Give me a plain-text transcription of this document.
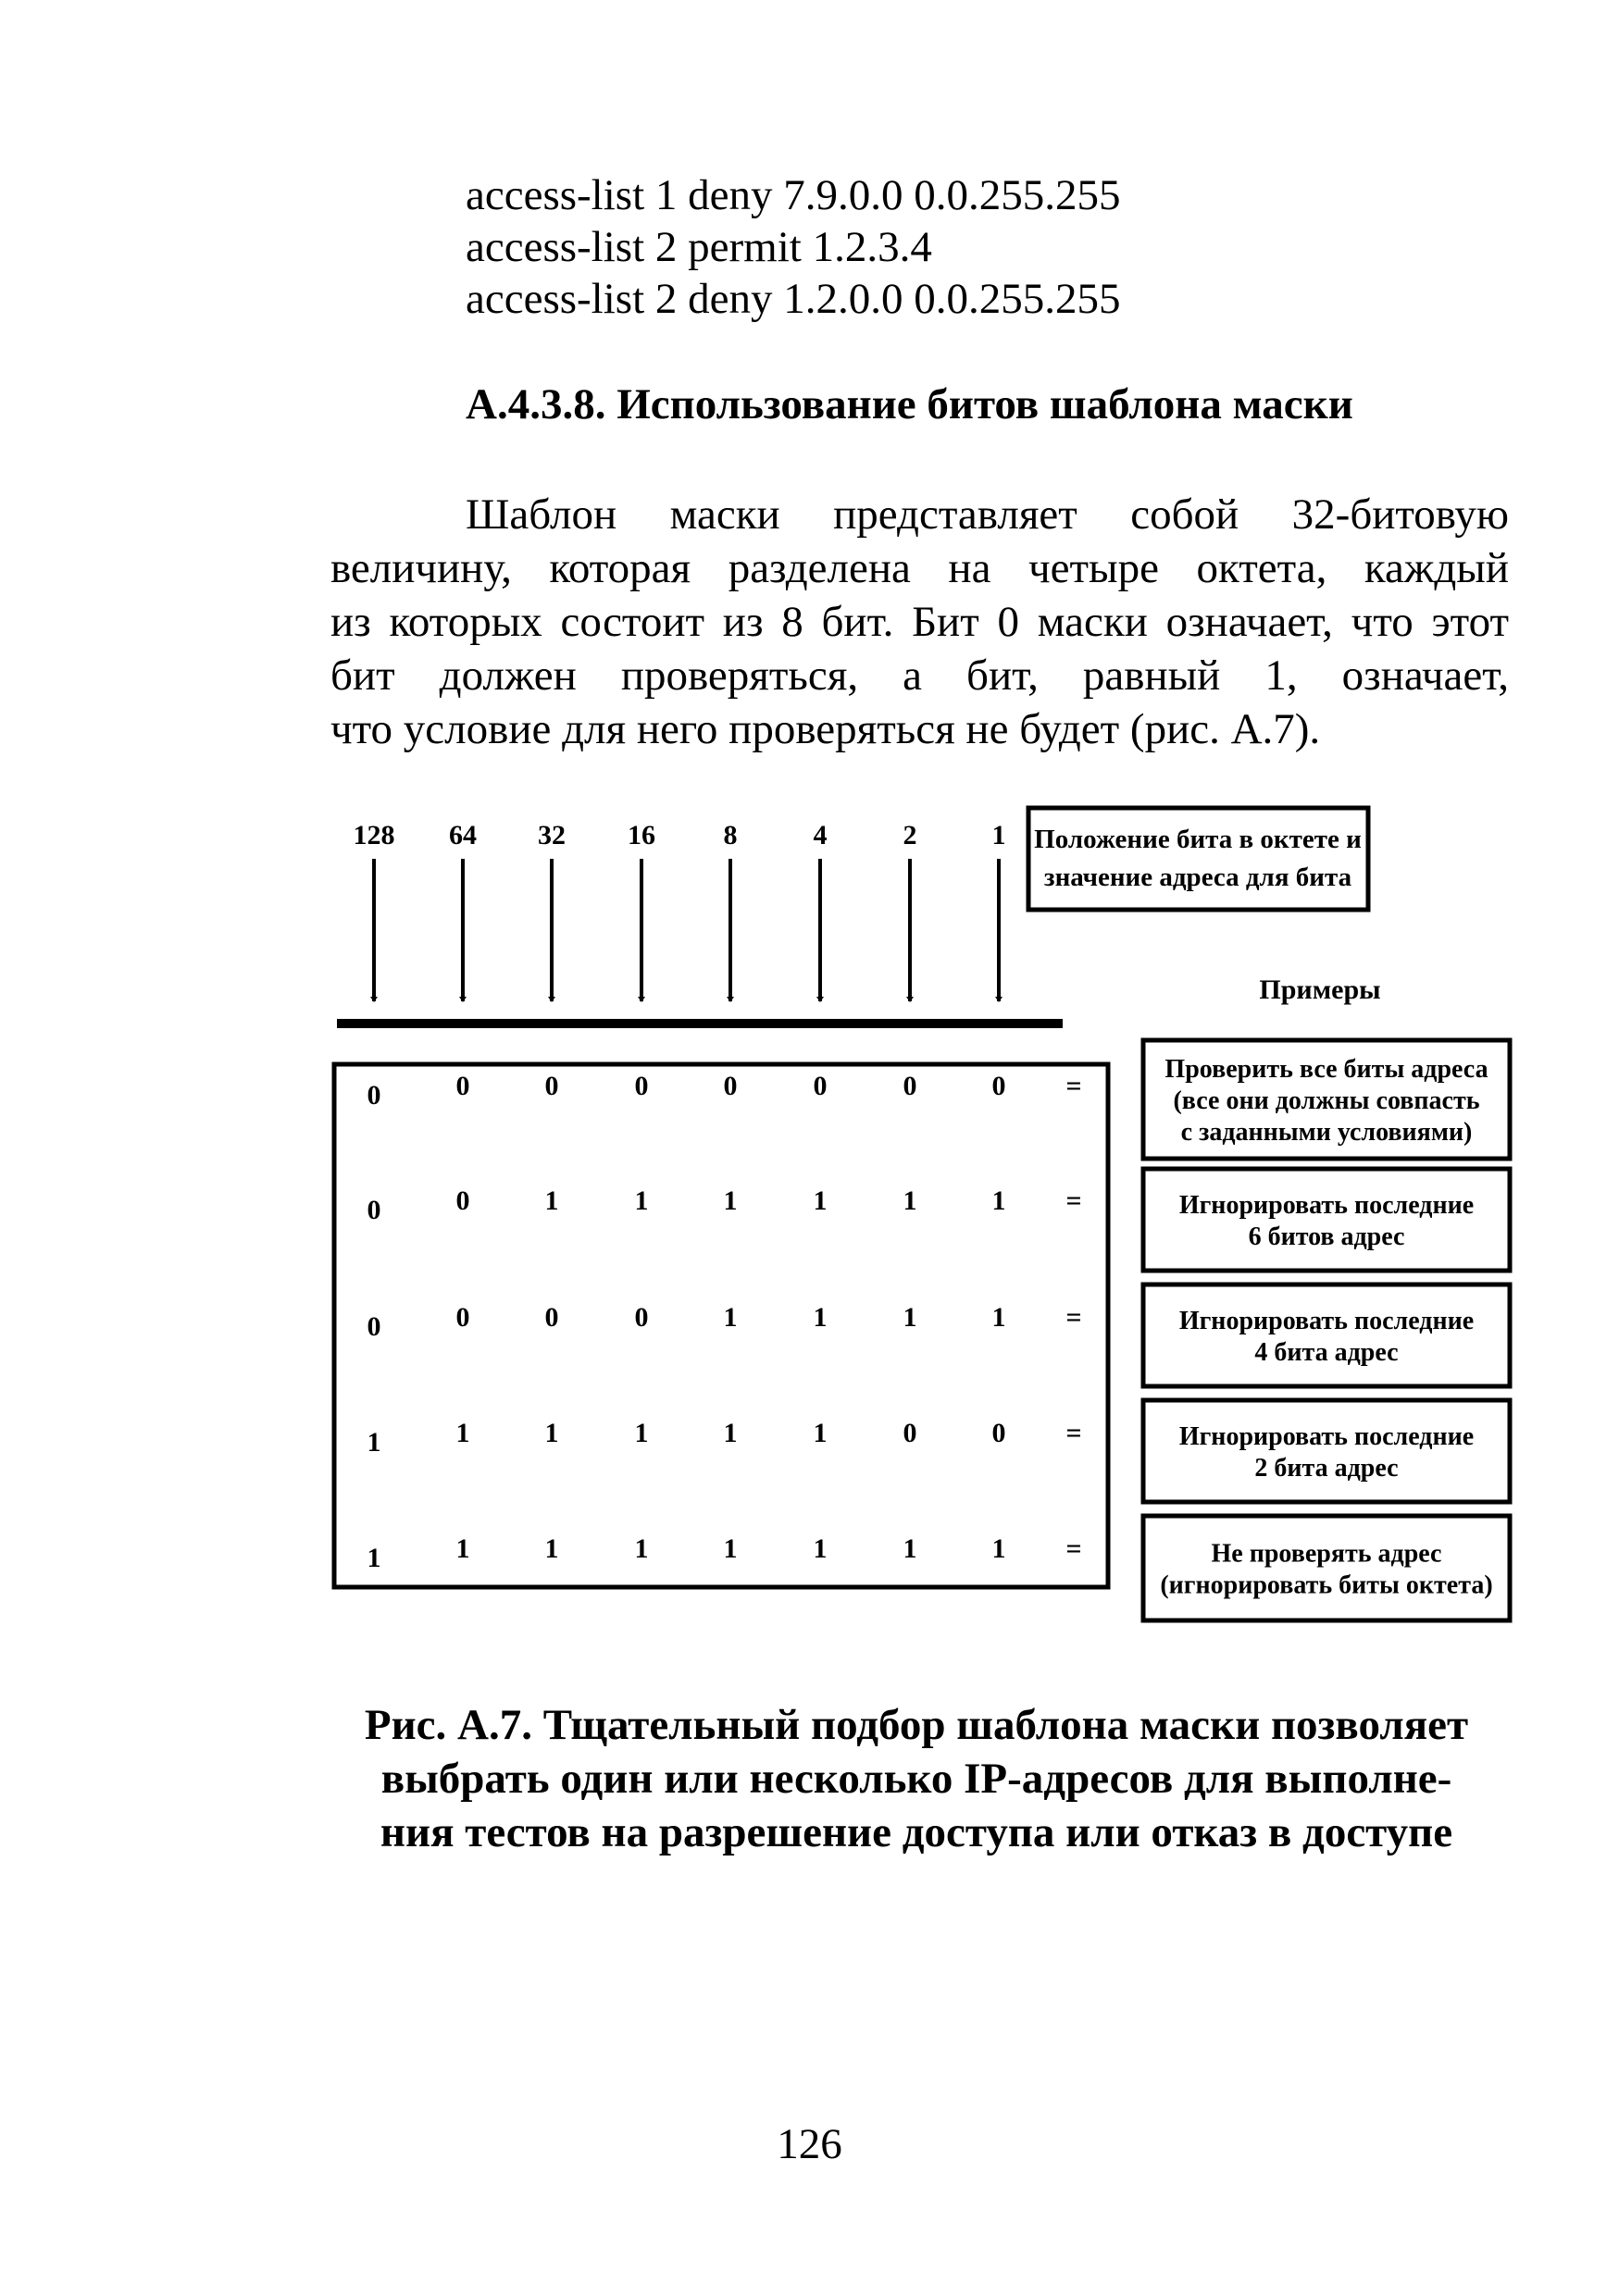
access-list 1 deny 7.9.0.0 0.0.255.255
access-list 2 permit 1.2.3.4
access-list 2 deny 1.2.0.0 0.0.255.255
А.4.3.8. Использование битов шаблона маски
Шаблон маски представляет собой 32-битовую
величину, которая разделена на четыре октета, каждый
из которых состоит из 8 бит. Бит 0 маски означает, что этот
бит должен проверяться, а бит, равный 1, означает,
что условие для него проверяться не будет (рис. А.7).
128 64 32 16 8	4	2	1 Положение бита в октете и
значение адреса для бита
Примеры
0	0	0	0	0	0	0	0 =
Проверить все биты адреса
(все они должны совпасть
с заданными условиями)
0	0	1	1	1	1	1	1 =	Игнорировать последние
6 битов адрес
0	0	0	0	1	1	1	1 =	Игнорировать последние
4 бита адрес
1	1	1	1	1	1	0	0 =	Игнорировать последние
2 бита адрес
1	1	1	1	1	1	1	1 =	Не проверять адрес
(игнорировать биты октета)
Рис. А.7. Тщательный подбор шаблона маски позволяет
выбрать один или несколько IP-адресов для выполне-
ния тестов на разрешение доступа или отказ в доступе
126
